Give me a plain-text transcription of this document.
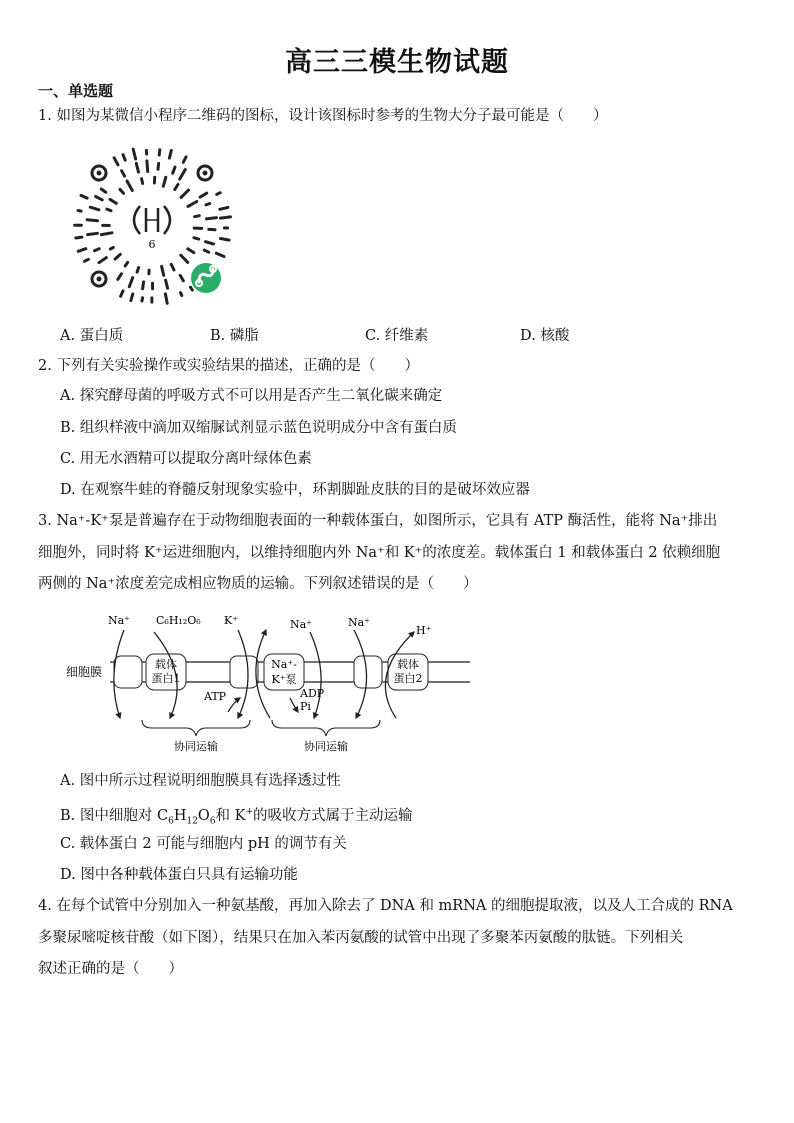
高三三模生物试题
一、单选题
1. 如图为某微信小程序二维码的图标，设计该图标时参考的生物大分子最可能是（　　）
6
A. 蛋白质	B. 磷脂	C. 纤维素	D. 核酸
2. 下列有关实验操作或实验结果的描述，正确的是（　　）
A. 探究酵母菌的呼吸方式不可以用是否产生二氧化碳来确定
B. 组织样液中滴加双缩脲试剂显示蓝色说明成分中含有蛋白质
C. 用无水酒精可以提取分离叶绿体色素
D. 在观察牛蛙的脊髓反射现象实验中，环割脚趾皮肤的目的是破坏效应器
3. Na⁺-K⁺泵是普遍存在于动物细胞表面的一种载体蛋白，如图所示，它具有 ATP 酶活性，能将 Na⁺排出
细胞外，同时将 K⁺运进细胞内，以维持细胞内外 Na⁺和 K⁺的浓度差。载体蛋白 1 和载体蛋白 2 依赖细胞
两侧的 Na⁺浓度差完成相应物质的运输。下列叙述错误的是（　　）
细胞膜
载体
蛋白1
Na⁺-
K⁺泵
载体
蛋白2
Na⁺ C₆H₁₂O₆ K⁺	Na⁺	Na⁺
H⁺
ATP	ADP
Pi
协同运输	协同运输
A. 图中所示过程说明细胞膜具有选择透过性
B. 图中细胞对 $C_6H_{12}O_6$和 K+的吸收方式属于主动运输
C. 载体蛋白 2 可能与细胞内 pH 的调节有关
D. 图中各种载体蛋白只具有运输功能
4. 在每个试管中分别加入一种氨基酸，再加入除去了 DNA 和 mRNA 的细胞提取液，以及人工合成的 RNA
多聚尿嘧啶核苷酸（如下图），结果只在加入苯丙氨酸的试管中出现了多聚苯丙氨酸的肽链。下列相关
叙述正确的是（　　）
